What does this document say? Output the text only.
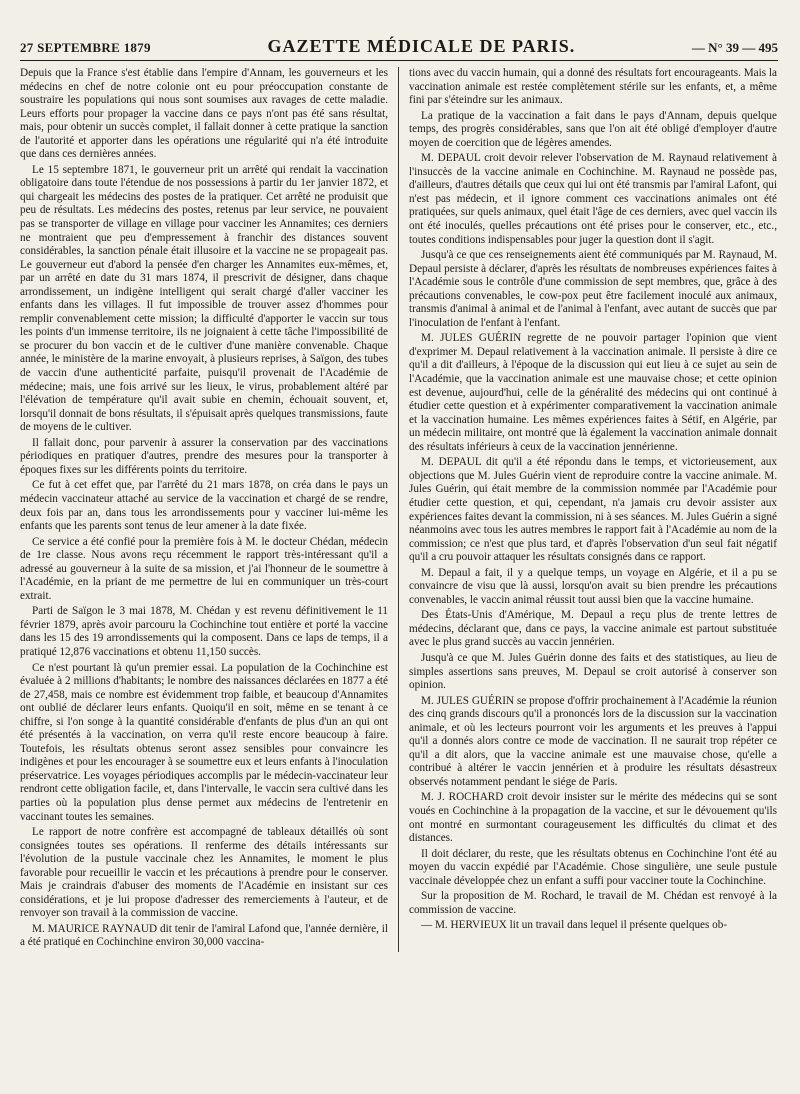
27 SEPTEMBRE 1879	GAZETTE MÉDICALE DE PARIS.	— N° 39 — 495

Depuis que la France s'est établie dans l'empire d'Annam, les gouverneurs et les médecins en chef de notre colonie ont eu pour préoccupation constante de soustraire les populations qui nous sont soumises aux ravages de cette maladie. Leurs efforts pour propager la vaccine dans ce pays n'ont pas été sans résultat, mais, pour obtenir un succès complet, il fallait donner à cette pratique la sanction de l'autorité et apporter dans les opérations une régularité qui n'a été introduite que dans ces dernières années.

Le 15 septembre 1871, le gouverneur prit un arrêté qui rendait la vaccination obligatoire dans toute l'étendue de nos possessions à partir du 1er janvier 1872, et qui chargeait les médecins des postes de la pratiquer. Cet arrêté ne produisit que peu de résultats. Les médecins des postes, retenus par leur service, ne pouvaient pas se transporter de village en village pour vacciner les Annamites; ces derniers ne montraient que peu d'empressement à franchir des distances souvent considérables, la sanction pénale était illusoire et la vaccine ne se propageait pas. Le gouverneur eut d'abord la pensée d'en charger les Annamites eux-mêmes, et, par un arrêté en date du 31 mars 1874, il prescrivit de désigner, dans chaque arrondissement, un indigène intelligent qui serait chargé d'aller vacciner les enfants dans les villages. Il fut impossible de trouver assez d'hommes pour remplir convenablement cette mission; la difficulté d'apporter le vaccin sur tous les points d'un immense territoire, ils ne joignaient à cette tâche l'impossibilité de se procurer du bon vaccin et de le cultiver d'une manière convenable. Chaque année, le ministère de la marine envoyait, à plusieurs reprises, à Saïgon, des tubes de vaccin d'une authenticité parfaite, puisqu'il provenait de l'Académie de médecine; mais, une fois arrivé sur les lieux, le virus, probablement altéré par l'élévation de température qu'il avait subie en chemin, échouait souvent, et, lorsqu'il donnait de bons résultats, il s'épuisait après quelques transmissions, faute de moyens de le cultiver.

Il fallait donc, pour parvenir à assurer la conservation par des vaccinations périodiques en pratiquer d'autres, prendre des mesures pour la transporter à époques fixes sur les différents points du territoire.

Ce fut à cet effet que, par l'arrêté du 21 mars 1878, on créa dans le pays un médecin vaccinateur attaché au service de la vaccination et chargé de se rendre, deux fois par an, dans tous les arrondissements pour y vacciner lui-même les enfants que les parents sont tenus de leur amener à la date fixée.

Ce service a été confié pour la première fois à M. le docteur Chédan, médecin de 1re classe. Nous avons reçu récemment le rapport très-intéressant qu'il a adressé au gouverneur à la suite de sa mission, et j'ai l'honneur de le soumettre à l'Académie, en la priant de me permettre de lui en communiquer un très-court extrait.

Parti de Saïgon le 3 mai 1878, M. Chédan y est revenu définitivement le 11 février 1879, après avoir parcouru la Cochinchine tout entière et porté la vaccine dans les 15 des 19 arrondissements qui la composent. Dans ce laps de temps, il a pratiqué 12,876 vaccinations et obtenu 11,150 succès.

Ce n'est pourtant là qu'un premier essai. La population de la Cochinchine est évaluée à 2 millions d'habitants; le nombre des naissances déclarées en 1877 a été de 27,458, mais ce nombre est évidemment trop faible, et beaucoup d'Annamites ont oublié de déclarer leurs enfants. Quoiqu'il en soit, même en se tenant à ce chiffre, si l'on songe à la quantité considérable d'enfants de plus d'un an qui ont été présentés à la vaccination, on verra qu'il reste encore beaucoup à faire. Toutefois, les résultats obtenus seront assez sensibles pour convaincre les indigènes et pour les encourager à se soumettre eux et leurs enfants à l'inoculation préservatrice. Les voyages périodiques accomplis par le médecin-vaccinateur leur rendront cette obligation facile, et, dans l'intervalle, le vaccin sera cultivé dans les parties où la population plus dense permet aux médecins de l'entretenir en vaccinant toutes les semaines.

Le rapport de notre confrère est accompagné de tableaux détaillés où sont consignées toutes ses opérations. Il renferme des détails intéressants sur l'évolution de la pustule vaccinale chez les Annamites, le moment le plus favorable pour recueillir le vaccin et les précautions à prendre pour le conserver. Mais je craindrais d'abuser des moments de l'Académie en insistant sur ces considérations, et je lui propose d'adresser des remerciements à l'auteur, et de renvoyer son travail à la commission de vaccine.

M. MAURICE RAYNAUD dit tenir de l'amiral Lafond que, l'année dernière, il a été pratiqué en Cochinchine environ 30,000 vaccina-

tions avec du vaccin humain, qui a donné des résultats fort encourageants. Mais la vaccination animale est restée complètement stérile sur les enfants, et, a même fini par s'éteindre sur les animaux.

La pratique de la vaccination a fait dans le pays d'Annam, depuis quelque temps, des progrès considérables, sans que l'on ait été obligé d'employer d'autre moyen de coercition que de légères amendes.

M. DEPAUL croit devoir relever l'observation de M. Raynaud relativement à l'insuccès de la vaccine animale en Cochinchine. M. Raynaud ne possède pas, d'ailleurs, d'autres détails que ceux qui lui ont été transmis par l'amiral Lafont, qui n'est pas médecin, et il ignore comment ces vaccinations animales ont été pratiquées, sur quels animaux, quel était l'âge de ces derniers, avec quel vaccin ils ont été inoculés, quelles précautions ont été prises pour le conserver, etc., etc., toutes conditions indispensables pour juger la question dont il s'agit.

Jusqu'à ce que ces renseignements aient été communiqués par M. Raynaud, M. Depaul persiste à déclarer, d'après les résultats de nombreuses expériences faites à l'Académie sous le contrôle d'une commission de sept membres, que, grâce à des précautions convenables, le cow-pox peut être facilement inoculé aux animaux, transmis d'animal à animal et de l'animal à l'enfant, avec autant de succès que par l'inoculation de l'enfant à l'enfant.

M. JULES GUÉRIN regrette de ne pouvoir partager l'opinion que vient d'exprimer M. Depaul relativement à la vaccination animale. Il persiste à dire ce qu'il a dit d'ailleurs, à l'époque de la discussion qui eut lieu à ce sujet au sein de l'Académie, que la vaccination animale est une mauvaise chose; et cette opinion est devenue, aujourd'hui, celle de la généralité des médecins qui ont continué à étudier cette question et à expérimenter comparativement la vaccination animale et la vaccination humaine. Les mêmes expériences faites à Sétif, en Algérie, par un médecin militaire, ont montré que là également la vaccination animale donnait des résultats inférieurs à ceux de la vaccination jennérienne.

M. DEPAUL dit qu'il a été répondu dans le temps, et victorieusement, aux objections que M. Jules Guérin vient de reproduire contre la vaccine animale. M. Jules Guérin, qui était membre de la commission nommée par l'Académie pour étudier cette question, et qui, cependant, n'a jamais cru devoir assister aux expériences faites devant la commission, ni à ses séances. M. Jules Guérin a signé néanmoins avec tous les autres membres le rapport fait à l'Académie au nom de la commission; ce n'est que plus tard, et d'après l'observation d'un seul fait négatif qu'il a cru pouvoir attaquer les résultats consignés dans ce rapport.

M. Depaul a fait, il y a quelque temps, un voyage en Algérie, et il a pu se convaincre de visu que là aussi, lorsqu'on avait su bien prendre les précautions convenables, le vaccin animal réussit tout aussi bien que la vaccine humaine.

Des États-Unis d'Amérique, M. Depaul a reçu plus de trente lettres de médecins, déclarant que, dans ce pays, la vaccine animale est partout substituée avec le plus grand succès au vaccin jennérien.

Jusqu'à ce que M. Jules Guérin donne des faits et des statistiques, au lieu de simples assertions sans preuves, M. Depaul se croit autorisé à conserver son opinion.

M. JULES GUÉRIN se propose d'offrir prochainement à l'Académie la réunion des cinq grands discours qu'il a prononcés lors de la discussion sur la vaccination animale, et où les lecteurs pourront voir les arguments et les preuves à l'appui qu'il a donnés alors contre ce mode de vaccination. Il ne saurait trop répéter ce qu'il a dit alors, que la vaccine animale est une mauvaise chose, qu'elle a contribué à altérer le vaccin jennérien et à produire les résultats désastreux observés notamment pendant le siége de Paris.

M. J. ROCHARD croit devoir insister sur le mérite des médecins qui se sont voués en Cochinchine à la propagation de la vaccine, et sur le dévouement qu'ils ont montré en surmontant courageusement les difficultés du climat et des distances.

Il doit déclarer, du reste, que les résultats obtenus en Cochinchine l'ont été au moyen du vaccin expédié par l'Académie. Chose singulière, une seule pustule vaccinale développée chez un enfant a suffi pour vacciner toute la Cochinchine.

Sur la proposition de M. Rochard, le travail de M. Chédan est renvoyé à la commission de vaccine.

— M. HERVIEUX lit un travail dans lequel il présente quelques ob-
